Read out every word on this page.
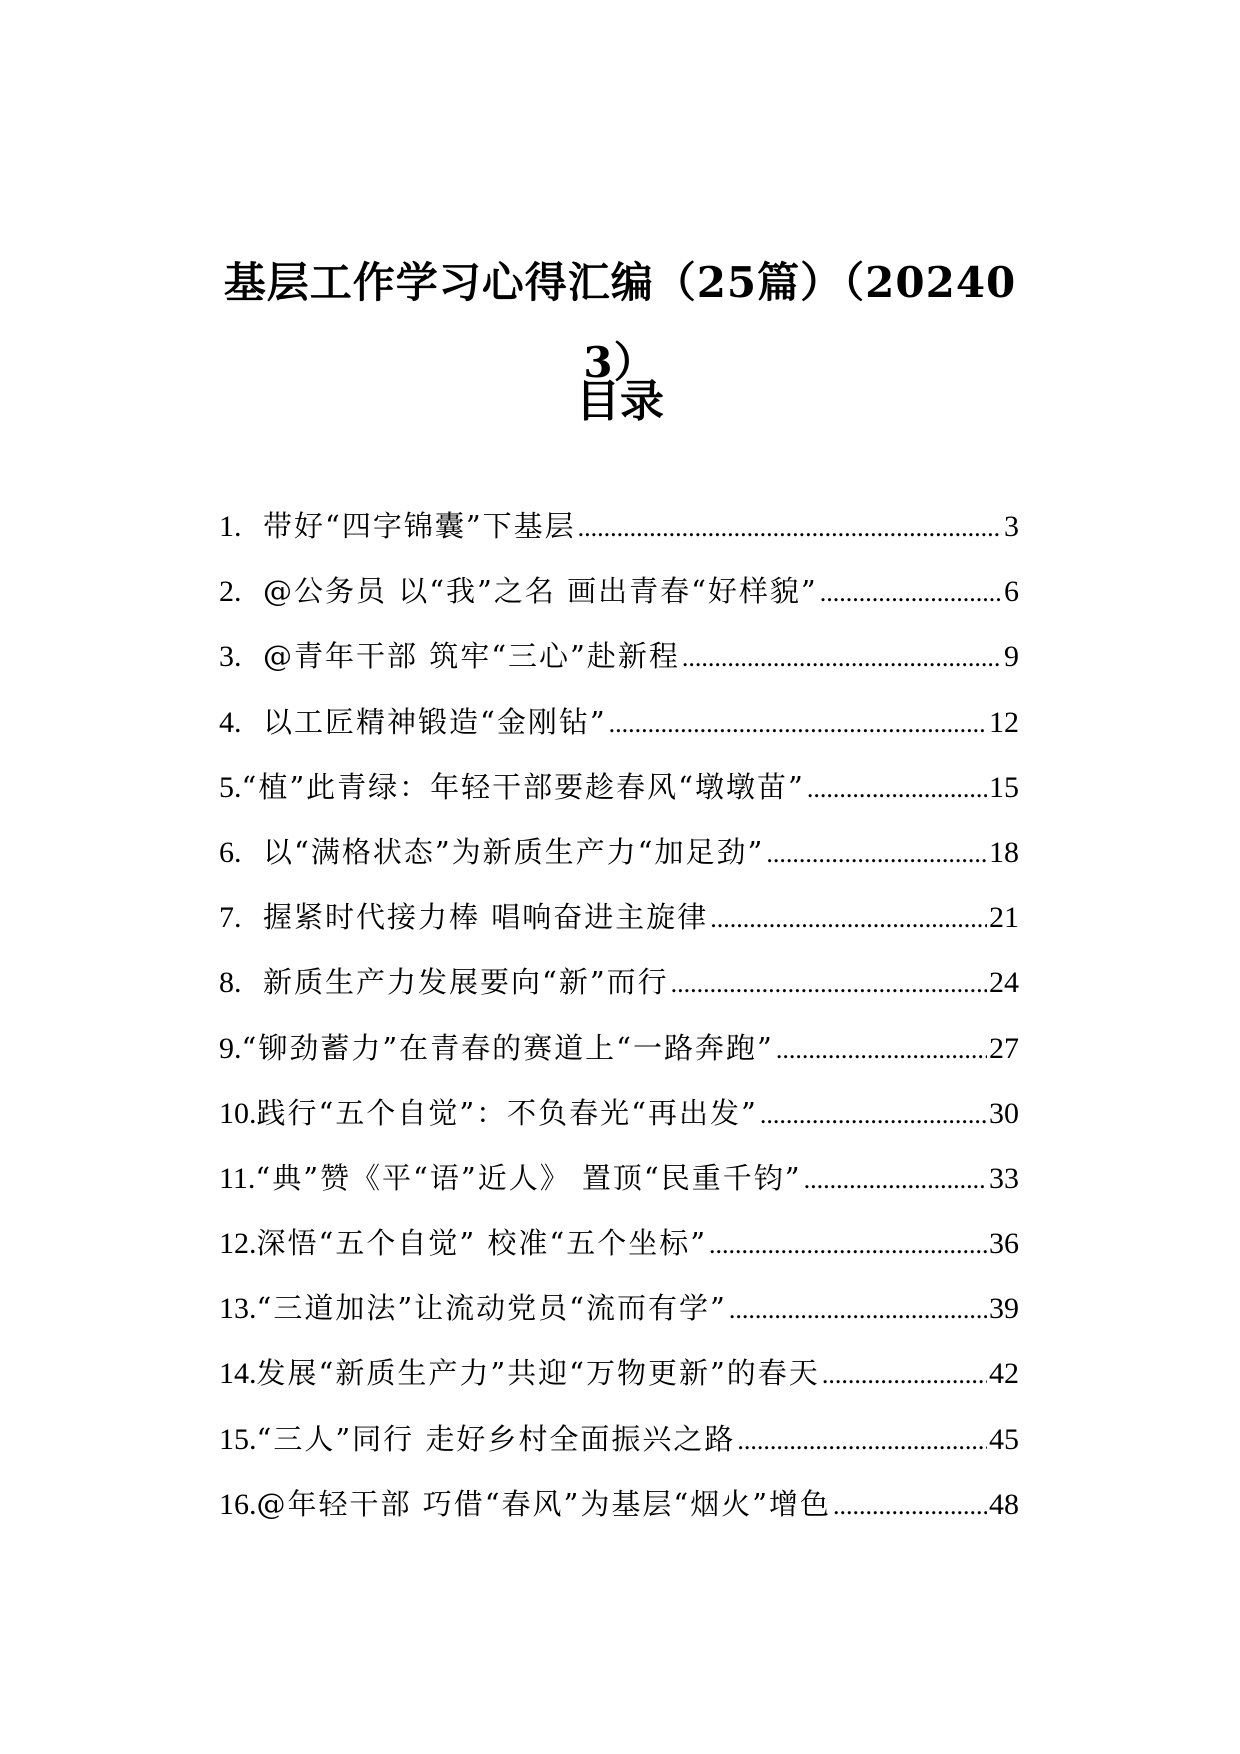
基层工作学习心得汇编（25篇）（20240
3）
目录
1. 带好“四字锦囊”下基层 .....	3
2. @公务员 以“我”之名 画出青春“好样貌” .....	6
3. @青年干部 筑牢“三心”赴新程 .....	9
4. 以工匠精神锻造“金刚钻” .....	12
5. “植”此青绿：年轻干部要趁春风“墩墩苗” .....	15
6. 以“满格状态”为新质生产力“加足劲” .....	18
7. 握紧时代接力棒 唱响奋进主旋律 .....	21
8. 新质生产力发展要向“新”而行 .....	24
9. “铆劲蓄力”在青春的赛道上“一路奔跑” .....	27
10. 践行“五个自觉”：不负春光“再出发” .....	30
11. “典”赞《平“语”近人》 置顶“民重千钧” .....	33
12. 深悟“五个自觉” 校准“五个坐标” .....	36
13. “三道加法”让流动党员“流而有学” .....	39
14. 发展“新质生产力”共迎“万物更新”的春天 .....	42
15. “三人”同行 走好乡村全面振兴之路 .....	45
16. @年轻干部 巧借“春风”为基层“烟火”增色 .....	48
